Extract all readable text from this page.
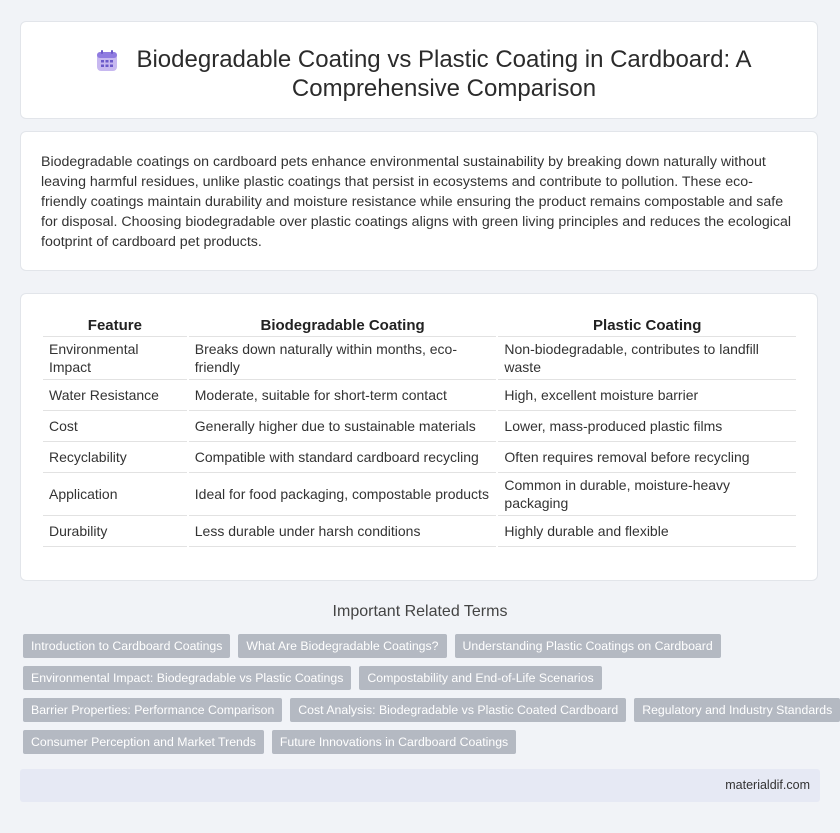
Biodegradable Coating vs Plastic Coating in Cardboard: A Comprehensive Comparison

Biodegradable coatings on cardboard pets enhance environmental sustainability by breaking down naturally without leaving harmful residues, unlike plastic coatings that persist in ecosystems and contribute to pollution. These eco-friendly coatings maintain durability and moisture resistance while ensuring the product remains compostable and safe for disposal. Choosing biodegradable over plastic coatings aligns with green living principles and reduces the ecological footprint of cardboard pet products.

Feature	Biodegradable Coating	Plastic Coating
Environmental Impact	Breaks down naturally within months, eco-friendly	Non-biodegradable, contributes to landfill waste
Water Resistance	Moderate, suitable for short-term contact	High, excellent moisture barrier
Cost	Generally higher due to sustainable materials	Lower, mass-produced plastic films
Recyclability	Compatible with standard cardboard recycling	Often requires removal before recycling
Application	Ideal for food packaging, compostable products	Common in durable, moisture-heavy packaging
Durability	Less durable under harsh conditions	Highly durable and flexible
Important Related Terms
Introduction to Cardboard Coatings	What Are Biodegradable Coatings?	Understanding Plastic Coatings on Cardboard
Environmental Impact: Biodegradable vs Plastic Coatings	Compostability and End-of-Life Scenarios
Barrier Properties: Performance Comparison	Cost Analysis: Biodegradable vs Plastic Coated Cardboard	Regulatory and Industry Standards
Consumer Perception and Market Trends	Future Innovations in Cardboard Coatings
materialdif.com
